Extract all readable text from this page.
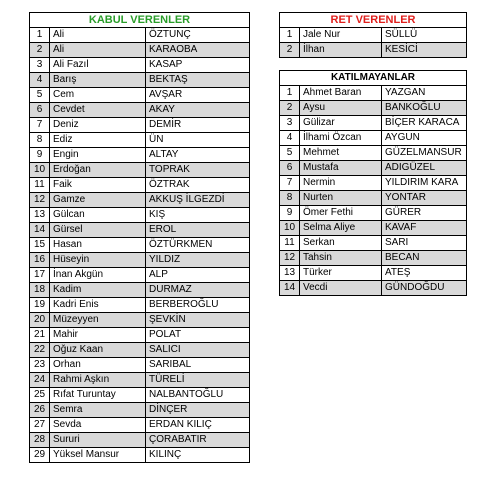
KABUL VERENLER		
1	Ali	ÖZTUNÇ
2	Ali	KARAOBA
3	Ali Fazıl	KASAP
4	Barış	BEKTAŞ
5	Cem	AVŞAR
6	Cevdet	AKAY
7	Deniz	DEMİR
8	Ediz	ÜN
9	Engin	ALTAY
10	Erdoğan	TOPRAK
11	Faik	ÖZTRAK
12	Gamze	AKKUŞ İLGEZDİ
13	Gülcan	KIŞ
14	Gürsel	EROL
15	Hasan	ÖZTÜRKMEN
16	Hüseyin	YILDIZ
17	İnan Akgün	ALP
18	Kadim	DURMAZ
19	Kadri Enis	BERBEROĞLU
20	Müzeyyen	ŞEVKİN
21	Mahir	POLAT
22	Oğuz Kaan	SALICI
23	Orhan	SARIBAL
24	Rahmi Aşkın	TÜRELİ
25	Rıfat Turuntay	NALBANTOĞLU
26	Semra	DİNÇER
27	Sevda	ERDAN KILIÇ
28	Sururi	ÇORABATIR
29	Yüksel Mansur	KILINÇ
RET VERENLER		
1	Jale Nur	SÜLLÜ
2	İlhan	KESİCİ
KATILMAYANLAR		
1	Ahmet Baran	YAZGAN
2	Aysu	BANKOĞLU
3	Gülizar	BİÇER KARACA
4	İlhami Özcan	AYGUN
5	Mehmet	GÜZELMANSUR
6	Mustafa	ADIGÜZEL
7	Nermin	YILDIRIM KARA
8	Nurten	YONTAR
9	Ömer Fethi	GÜRER
10	Selma Aliye	KAVAF
11	Serkan	SARI
12	Tahsin	BECAN
13	Türker	ATEŞ
14	Vecdi	GÜNDOĞDU
